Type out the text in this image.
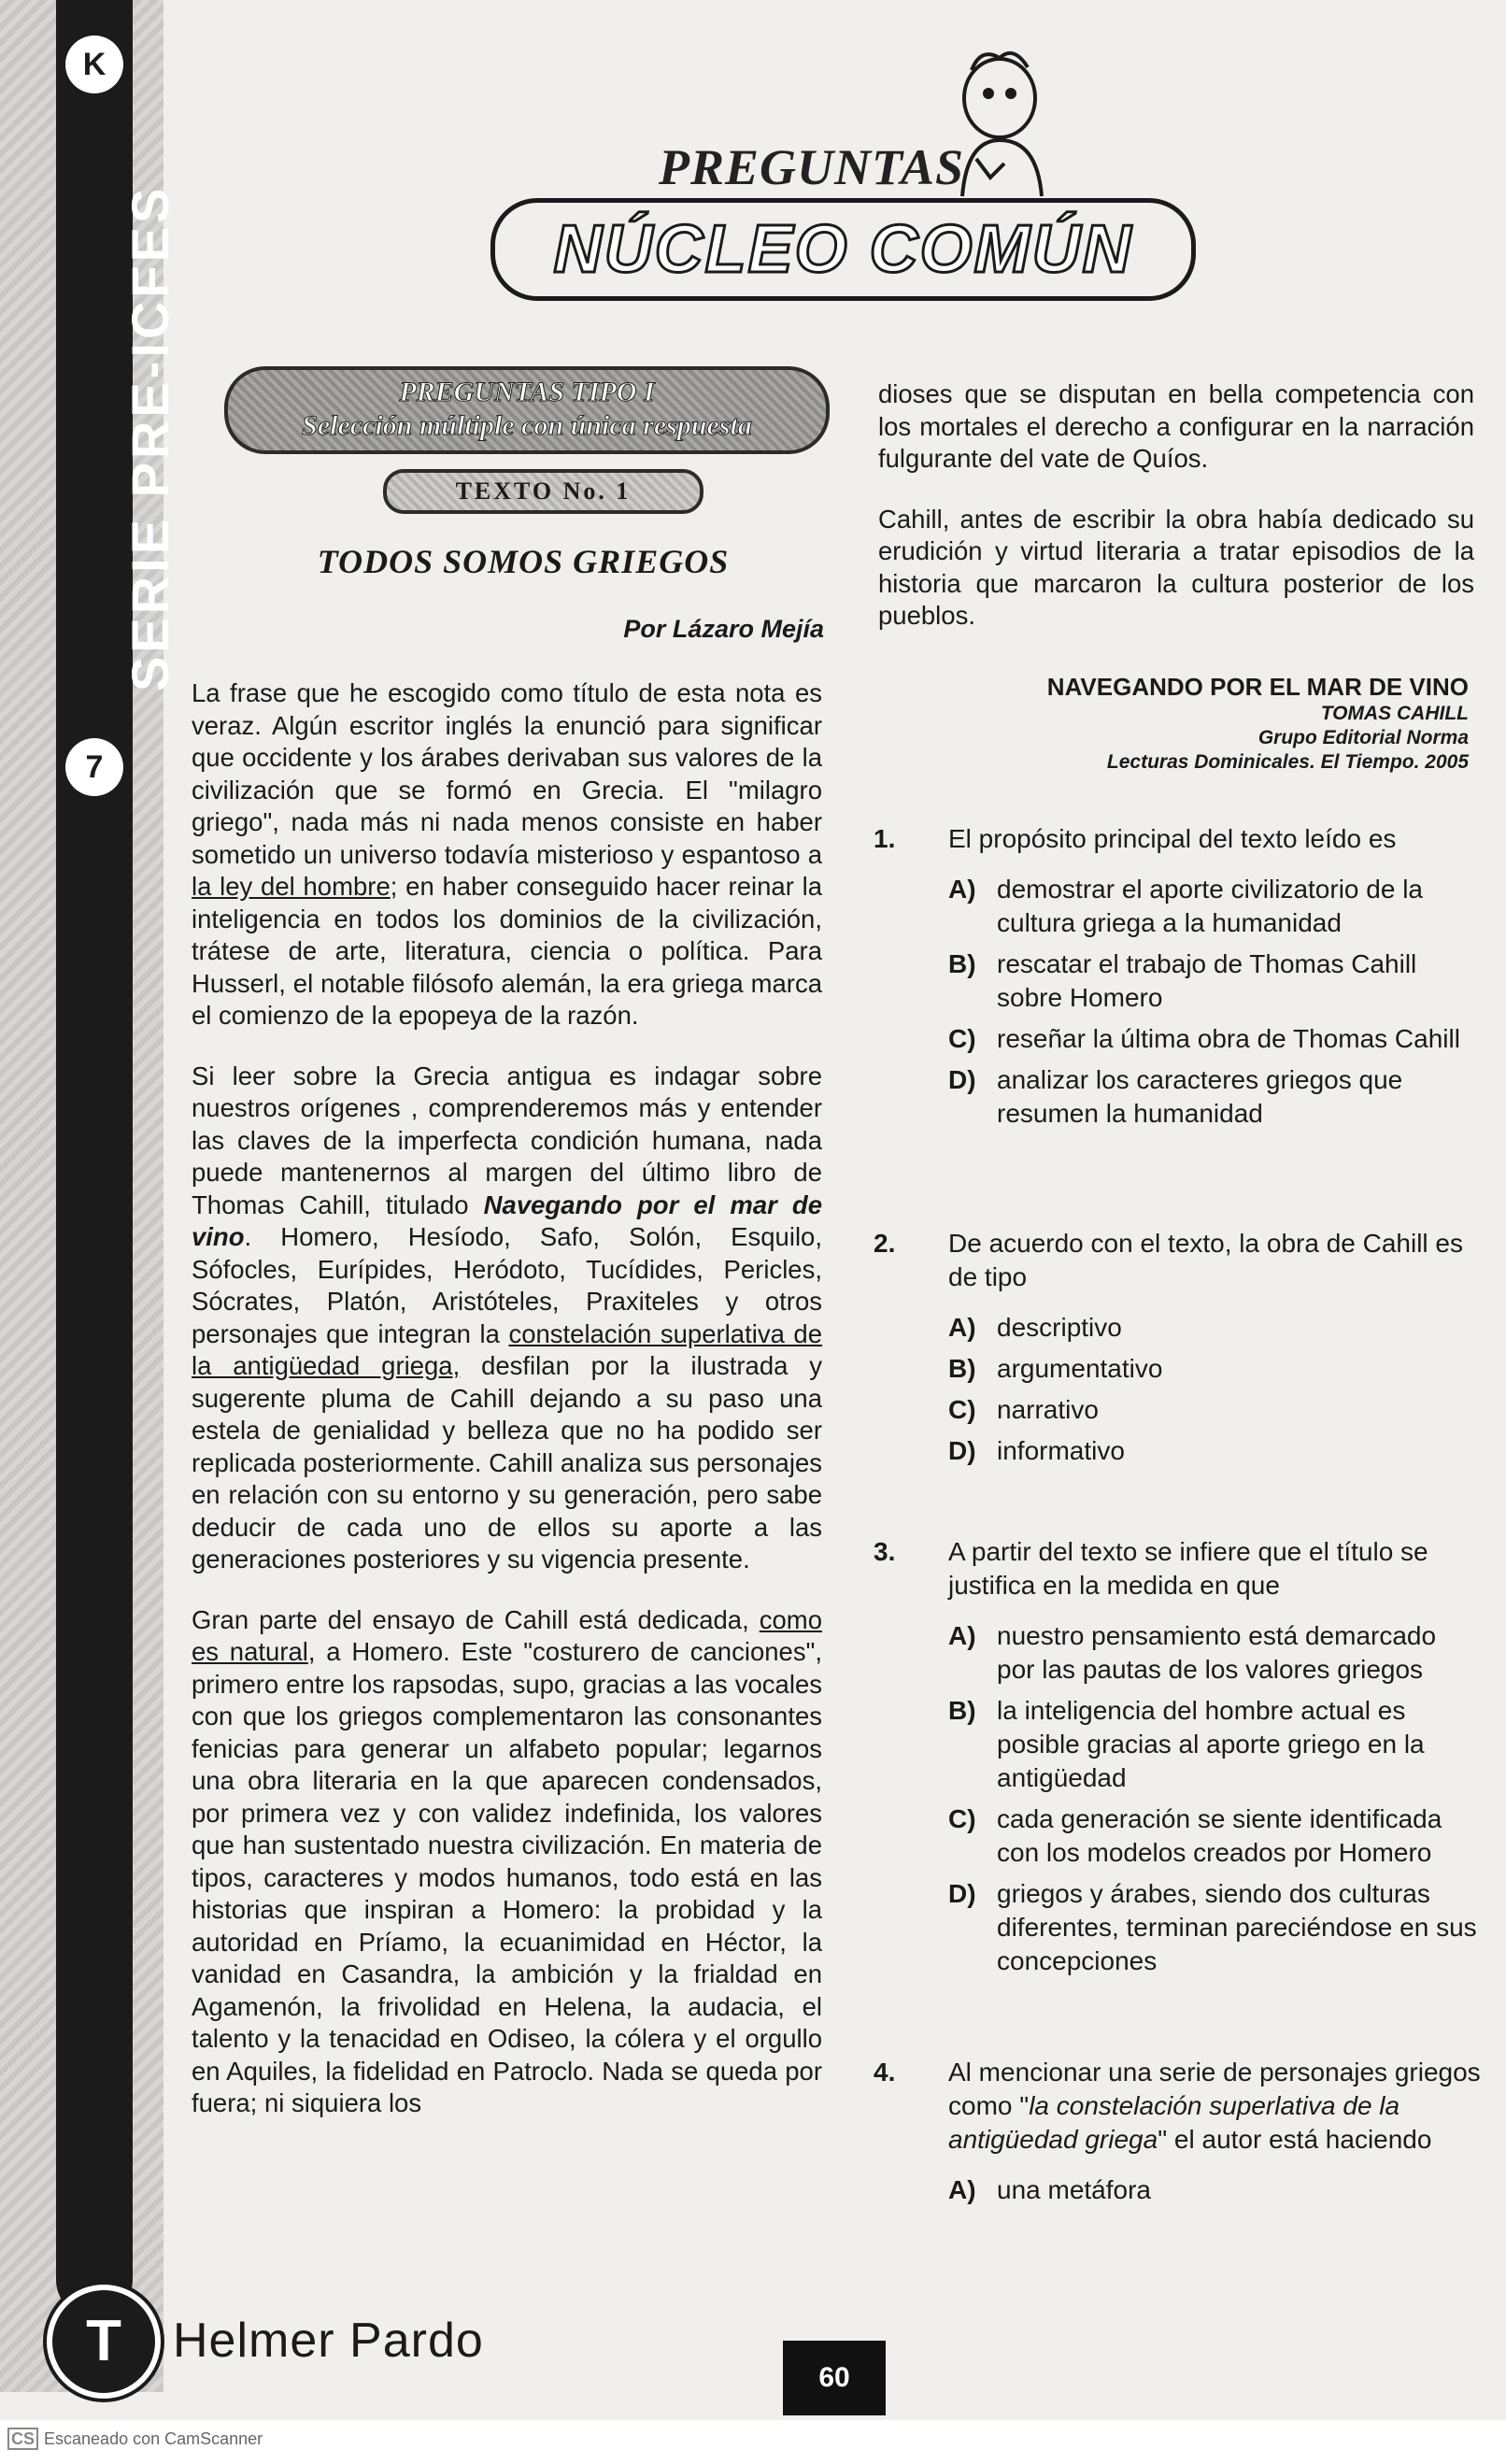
K
SERIE PRE-ICFES
7
T	Helmer Pardo
PREGUNTAS
NÚCLEO COMÚN
PREGUNTAS TIPO I
Selección múltiple con única respuesta
TEXTO No. 1
TODOS SOMOS GRIEGOS
Por Lázaro Mejía

La frase que he escogido como título de esta nota es veraz. Algún escritor inglés la enunció para significar que occidente y los árabes derivaban sus valores de la civilización que se formó en Grecia. El "milagro griego", nada más ni nada menos consiste en haber sometido un universo todavía misterioso y espantoso a la ley del hombre; en haber conseguido hacer reinar la inteligencia en todos los dominios de la civilización, trátese de arte, literatura, ciencia o política. Para Husserl, el notable filósofo alemán, la era griega marca el comienzo de la epopeya de la razón.

Si leer sobre la Grecia antigua es indagar sobre nuestros orígenes , comprenderemos más y entender las claves de la imperfecta condición humana, nada puede mantenernos al margen del último libro de Thomas Cahill, titulado Navegando por el mar de vino. Homero, Hesíodo, Safo, Solón, Esquilo, Sófocles, Eurípides, Heródoto, Tucídides, Pericles, Sócrates, Platón, Aristóteles, Praxiteles y otros personajes que integran la constelación superlativa de la antigüedad griega, desfilan por la ilustrada y sugerente pluma de Cahill dejando a su paso una estela de genialidad y belleza que no ha podido ser replicada posteriormente. Cahill analiza sus personajes en relación con su entorno y su generación, pero sabe deducir de cada uno de ellos su aporte a las generaciones posteriores y su vigencia presente.

Gran parte del ensayo de Cahill está dedicada, como es natural, a Homero. Este "costurero de canciones", primero entre los rapsodas, supo, gracias a las vocales con que los griegos complementaron las consonantes fenicias para generar un alfabeto popular; legarnos una obra literaria en la que aparecen condensados, por primera vez y con validez indefinida, los valores que han sustentado nuestra civilización. En materia de tipos, caracteres y modos humanos, todo está en las historias que inspiran a Homero: la probidad y la autoridad en Príamo, la ecuanimidad en Héctor, la vanidad en Casandra, la ambición y la frialdad en Agamenón, la frivolidad en Helena, la audacia, el talento y la tenacidad en Odiseo, la cólera y el orgullo en Aquiles, la fidelidad en Patroclo. Nada se queda por fuera; ni siquiera los

dioses que se disputan en bella competencia con los mortales el derecho a configurar en la narración fulgurante del vate de Quíos.

Cahill, antes de escribir la obra había dedicado su erudición y virtud literaria a tratar episodios de la historia que marcaron la cultura posterior de los pueblos.

NAVEGANDO POR EL MAR DE VINO
TOMAS CAHILL
Grupo Editorial Norma
Lecturas Dominicales. El Tiempo. 2005
1. El propósito principal del texto leído es
A) demostrar el aporte civilizatorio de la cultura griega a la humanidad
B) rescatar el trabajo de Thomas Cahill sobre Homero
C) reseñar la última obra de Thomas Cahill
D) analizar los caracteres griegos que resumen la humanidad
2. De acuerdo con el texto, la obra de Cahill es de tipo
A) descriptivo
B) argumentativo
C) narrativo
D) informativo
3. A partir del texto se infiere que el título se justifica en la medida en que
A) nuestro pensamiento está demarcado por las pautas de los valores griegos
B) la inteligencia del hombre actual es posible gracias al aporte griego en la antigüedad
C) cada generación se siente identificada con los modelos creados por Homero
D) griegos y árabes, siendo dos culturas diferentes, terminan pareciéndose en sus concepciones
4. Al mencionar una serie de personajes griegos como "la constelación superlativa de la antigüedad griega" el autor está haciendo
A) una metáfora
60
CS Escaneado con CamScanner
